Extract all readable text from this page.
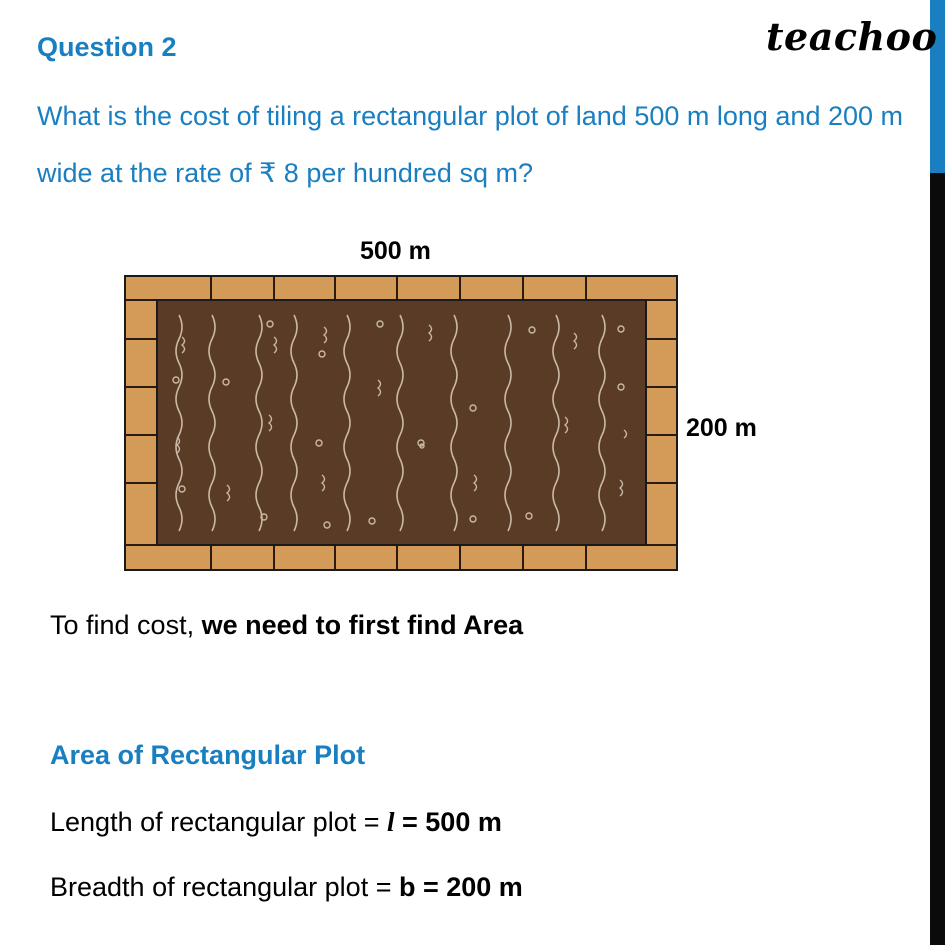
Question 2	teachoo
What is the cost of tiling a rectangular plot of land 500 m long and 200 m wide at the rate of ₹ 8 per hundred sq m?
500 m
200 m
To find cost, we need to first find Area
Area of Rectangular Plot
Length of rectangular plot = l = 500 m
Breadth of rectangular plot = b = 200 m
